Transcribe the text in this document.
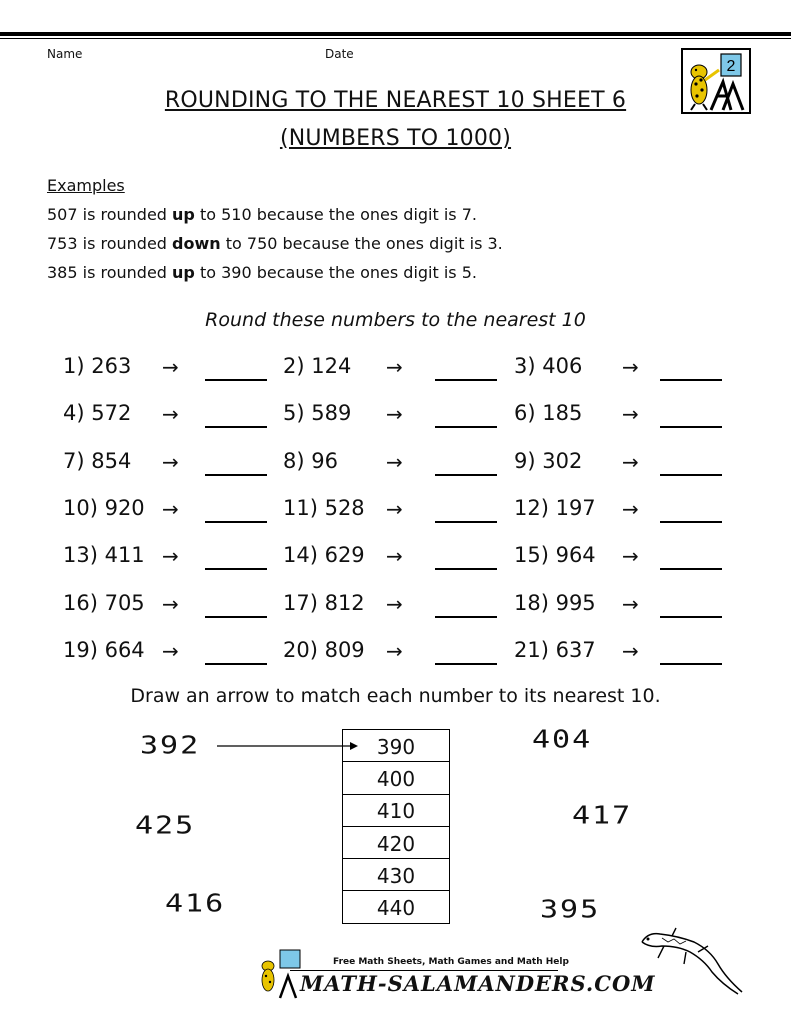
Name	Date
2
ROUNDING TO THE NEAREST 10 SHEET 6
(NUMBERS TO 1000)
Examples
507 is rounded up to 510 because the ones digit is 7.
753 is rounded down to 750 because the ones digit is 3.
385 is rounded up to 390 because the ones digit is 5.
Round these numbers to the nearest 10
1) 263 →	2) 124 →	3) 406 →
4) 572 →	5) 589 →	6) 185 →
7) 854 →	8) 96 →	9) 302 →
10) 920 →	11) 528 →	12) 197 →
13) 411 →	14) 629 →	15) 964 →
16) 705 →	17) 812 →	18) 995 →
19) 664 →	20) 809 →	21) 637 →
Draw an arrow to match each number to its nearest 10.
390
400
410
420
430
440
392
425
416
404
417
395
Free Math Sheets, Math Games and Math Help
MATH-SALAMANDERS.COM
